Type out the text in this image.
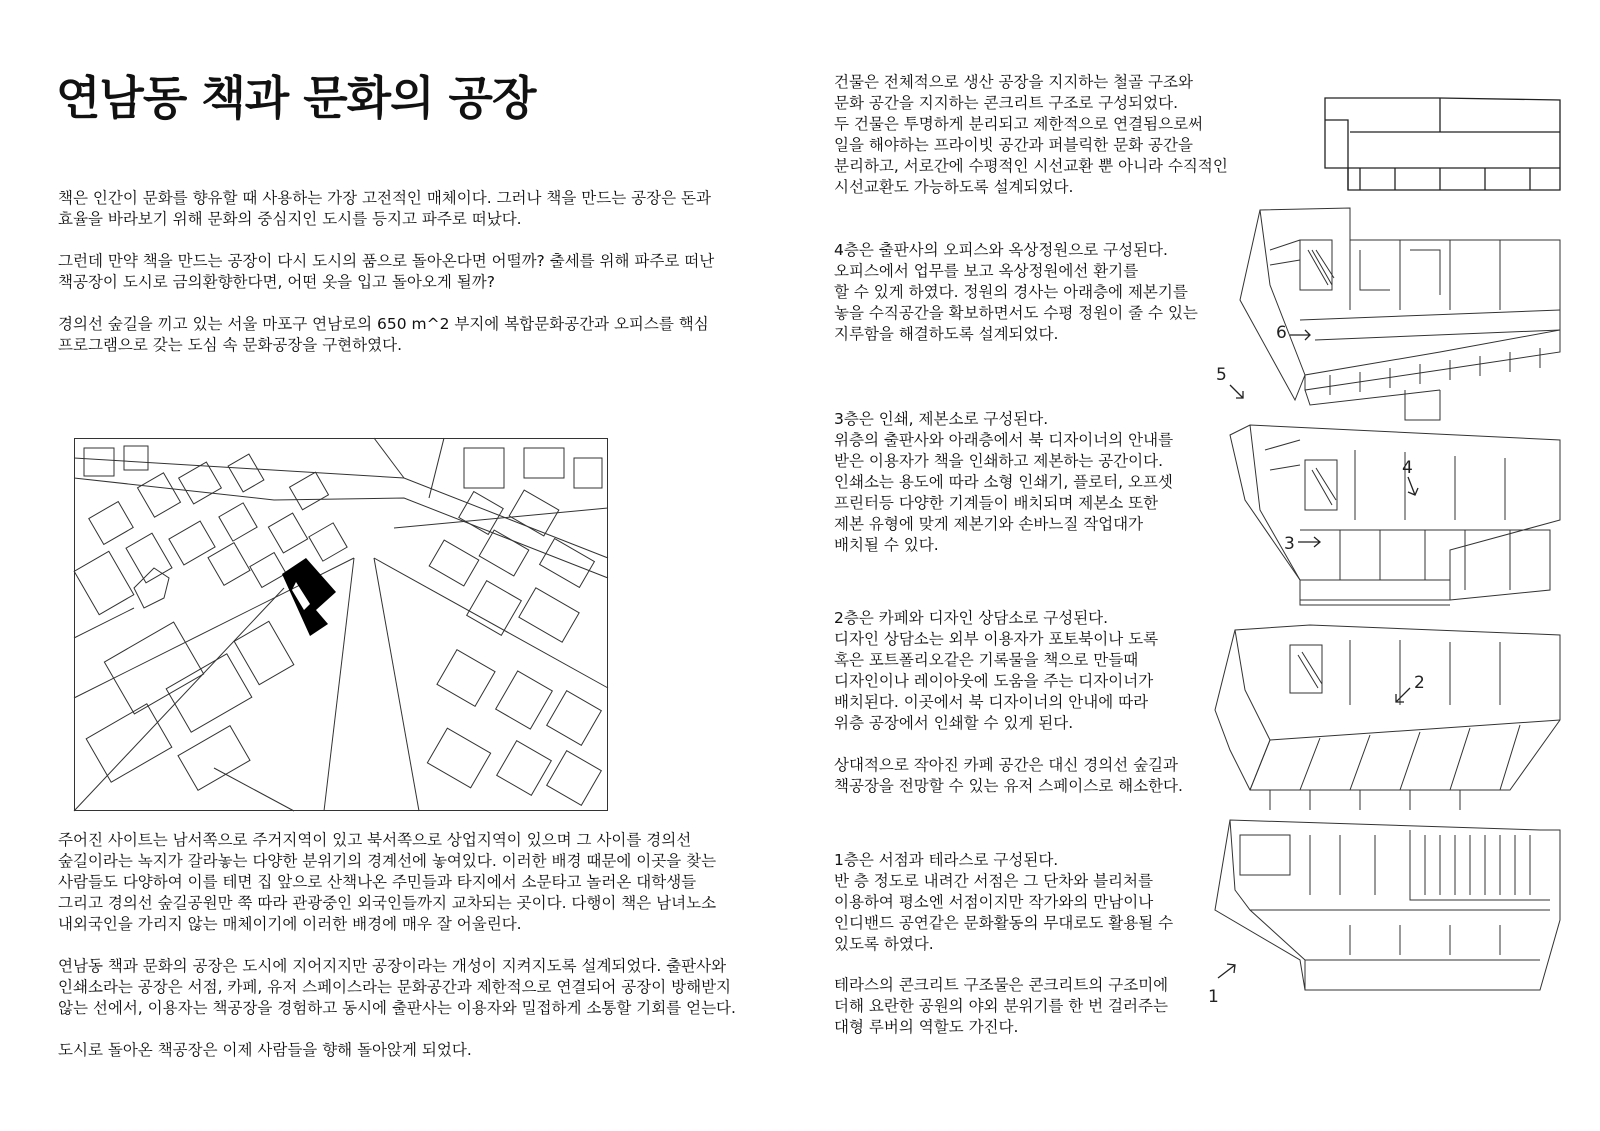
연남동 책과 문화의 공장

책은 인간이 문화를 향유할 때 사용하는 가장 고전적인 매체이다. 그러나 책을 만드는 공장은 돈과
효율을 바라보기 위해 문화의 중심지인 도시를 등지고 파주로 떠났다.

그런데 만약 책을 만드는 공장이 다시 도시의 품으로 돌아온다면 어떨까? 출세를 위해 파주로 떠난
책공장이 도시로 금의환향한다면, 어떤 옷을 입고 돌아오게 될까?

경의선 숲길을 끼고 있는 서울 마포구 연남로의 650 m^2 부지에 복합문화공간과 오피스를 핵심
프로그램으로 갖는 도심 속 문화공장을 구현하였다.

주어진 사이트는 남서쪽으로 주거지역이 있고 북서쪽으로 상업지역이 있으며 그 사이를 경의선
숲길이라는 녹지가 갈라놓는 다양한 분위기의 경계선에 놓여있다. 이러한 배경 때문에 이곳을 찾는
사람들도 다양하여 이를 테면 집 앞으로 산책나온 주민들과 타지에서 소문타고 놀러온 대학생들
그리고 경의선 숲길공원만 쭉 따라 관광중인 외국인들까지 교차되는 곳이다. 다행이 책은 남녀노소
내외국인을 가리지 않는 매체이기에 이러한 배경에 매우 잘 어울린다.

연남동 책과 문화의 공장은 도시에 지어지지만 공장이라는 개성이 지켜지도록 설계되었다. 출판사와
인쇄소라는 공장은 서점, 카페, 유저 스페이스라는 문화공간과 제한적으로 연결되어 공장이 방해받지
않는 선에서, 이용자는 책공장을 경험하고 동시에 출판사는 이용자와 밀접하게 소통할 기회를 얻는다.

도시로 돌아온 책공장은 이제 사람들을 향해 돌아앉게 되었다.

건물은 전체적으로 생산 공장을 지지하는 철골 구조와
문화 공간을 지지하는 콘크리트 구조로 구성되었다.
두 건물은 투명하게 분리되고 제한적으로 연결됨으로써
일을 해야하는 프라이빗 공간과 퍼블릭한 문화 공간을
분리하고, 서로간에 수평적인 시선교환 뿐 아니라 수직적인
시선교환도 가능하도록 설계되었다.

4층은 출판사의 오피스와 옥상정원으로 구성된다.
오피스에서 업무를 보고 옥상정원에선 환기를
할 수 있게 하였다. 정원의 경사는 아래층에 제본기를
놓을 수직공간을 확보하면서도 수평 정원이 줄 수 있는
지루함을 해결하도록 설계되었다.

3층은 인쇄, 제본소로 구성된다.
위층의 출판사와 아래층에서 북 디자이너의 안내를
받은 이용자가 책을 인쇄하고 제본하는 공간이다.
인쇄소는 용도에 따라 소형 인쇄기, 플로터, 오프셋
프린터등 다양한 기계들이 배치되며 제본소 또한
제본 유형에 맞게 제본기와 손바느질 작업대가
배치될 수 있다.

2층은 카페와 디자인 상담소로 구성된다.
디자인 상담소는 외부 이용자가 포토북이나 도록
혹은 포트폴리오같은 기록물을 책으로 만들때
디자인이나 레이아웃에 도움을 주는 디자이너가
배치된다. 이곳에서 북 디자이너의 안내에 따라
위층 공장에서 인쇄할 수 있게 된다.

상대적으로 작아진 카페 공간은 대신 경의선 숲길과
책공장을 전망할 수 있는 유저 스페이스로 해소한다.

1층은 서점과 테라스로 구성된다.
반 층 정도로 내려간 서점은 그 단차와 블리처를
이용하여 평소엔 서점이지만 작가와의 만남이나
인디밴드 공연같은 문화활동의 무대로도 활용될 수
있도록 하였다.

테라스의 콘크리트 구조물은 콘크리트의 구조미에
더해 요란한 공원의 야외 분위기를 한 번 걸러주는
대형 루버의 역할도 가진다.

6
5
3
4
2
1
